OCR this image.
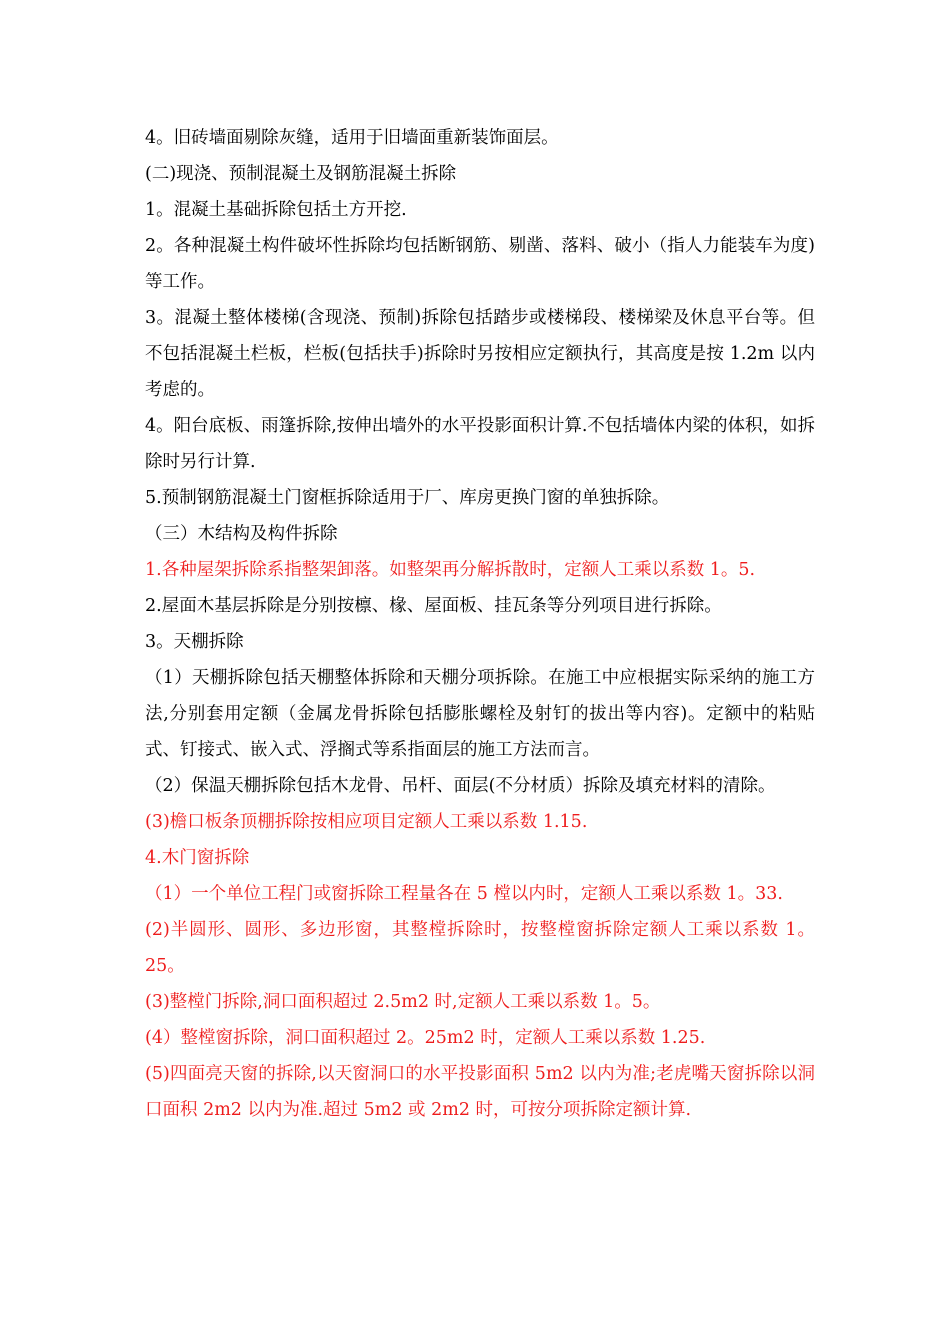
4。旧砖墙面剔除灰缝，适用于旧墙面重新装饰面层。

(二)现浇、预制混凝土及钢筋混凝土拆除

1。混凝土基础拆除包括土方开挖.

2。各种混凝土构件破坏性拆除均包括断钢筋、剔凿、落料、破小（指人力能装车为度)等工作。

3。混凝土整体楼梯(含现浇、预制)拆除包括踏步或楼梯段、楼梯梁及休息平台等。但不包括混凝土栏板，栏板(包括扶手)拆除时另按相应定额执行，其高度是按 1.2m 以内考虑的。

4。阳台底板、雨篷拆除,按伸出墙外的水平投影面积计算.不包括墙体内梁的体积，如拆除时另行计算.

5.预制钢筋混凝土门窗框拆除适用于厂、库房更换门窗的单独拆除。

（三）木结构及构件拆除

1.各种屋架拆除系指整架卸落。如整架再分解拆散时，定额人工乘以系数 1。5.

2.屋面木基层拆除是分别按檩、椽、屋面板、挂瓦条等分列项目进行拆除。

3。天棚拆除

（1）天棚拆除包括天棚整体拆除和天棚分项拆除。在施工中应根据实际采纳的施工方法,分别套用定额（金属龙骨拆除包括膨胀螺栓及射钉的拔出等内容)。定额中的粘贴式、钉接式、嵌入式、浮搁式等系指面层的施工方法而言。

（2）保温天棚拆除包括木龙骨、吊杆、面层(不分材质）拆除及填充材料的清除。

(3)檐口板条顶棚拆除按相应项目定额人工乘以系数 1.15.

4.木门窗拆除

（1）一个单位工程门或窗拆除工程量各在 5 樘以内时，定额人工乘以系数 1。33.

(2)半圆形、圆形、多边形窗，其整樘拆除时，按整樘窗拆除定额人工乘以系数 1。25。

(3)整樘门拆除,洞口面积超过 2.5m2 时,定额人工乘以系数 1。5。

(4）整樘窗拆除，洞口面积超过 2。25m2 时，定额人工乘以系数 1.25.

(5)四面亮天窗的拆除,以天窗洞口的水平投影面积 5m2 以内为准;老虎嘴天窗拆除以洞口面积 2m2 以内为准.超过 5m2 或 2m2 时，可按分项拆除定额计算.
